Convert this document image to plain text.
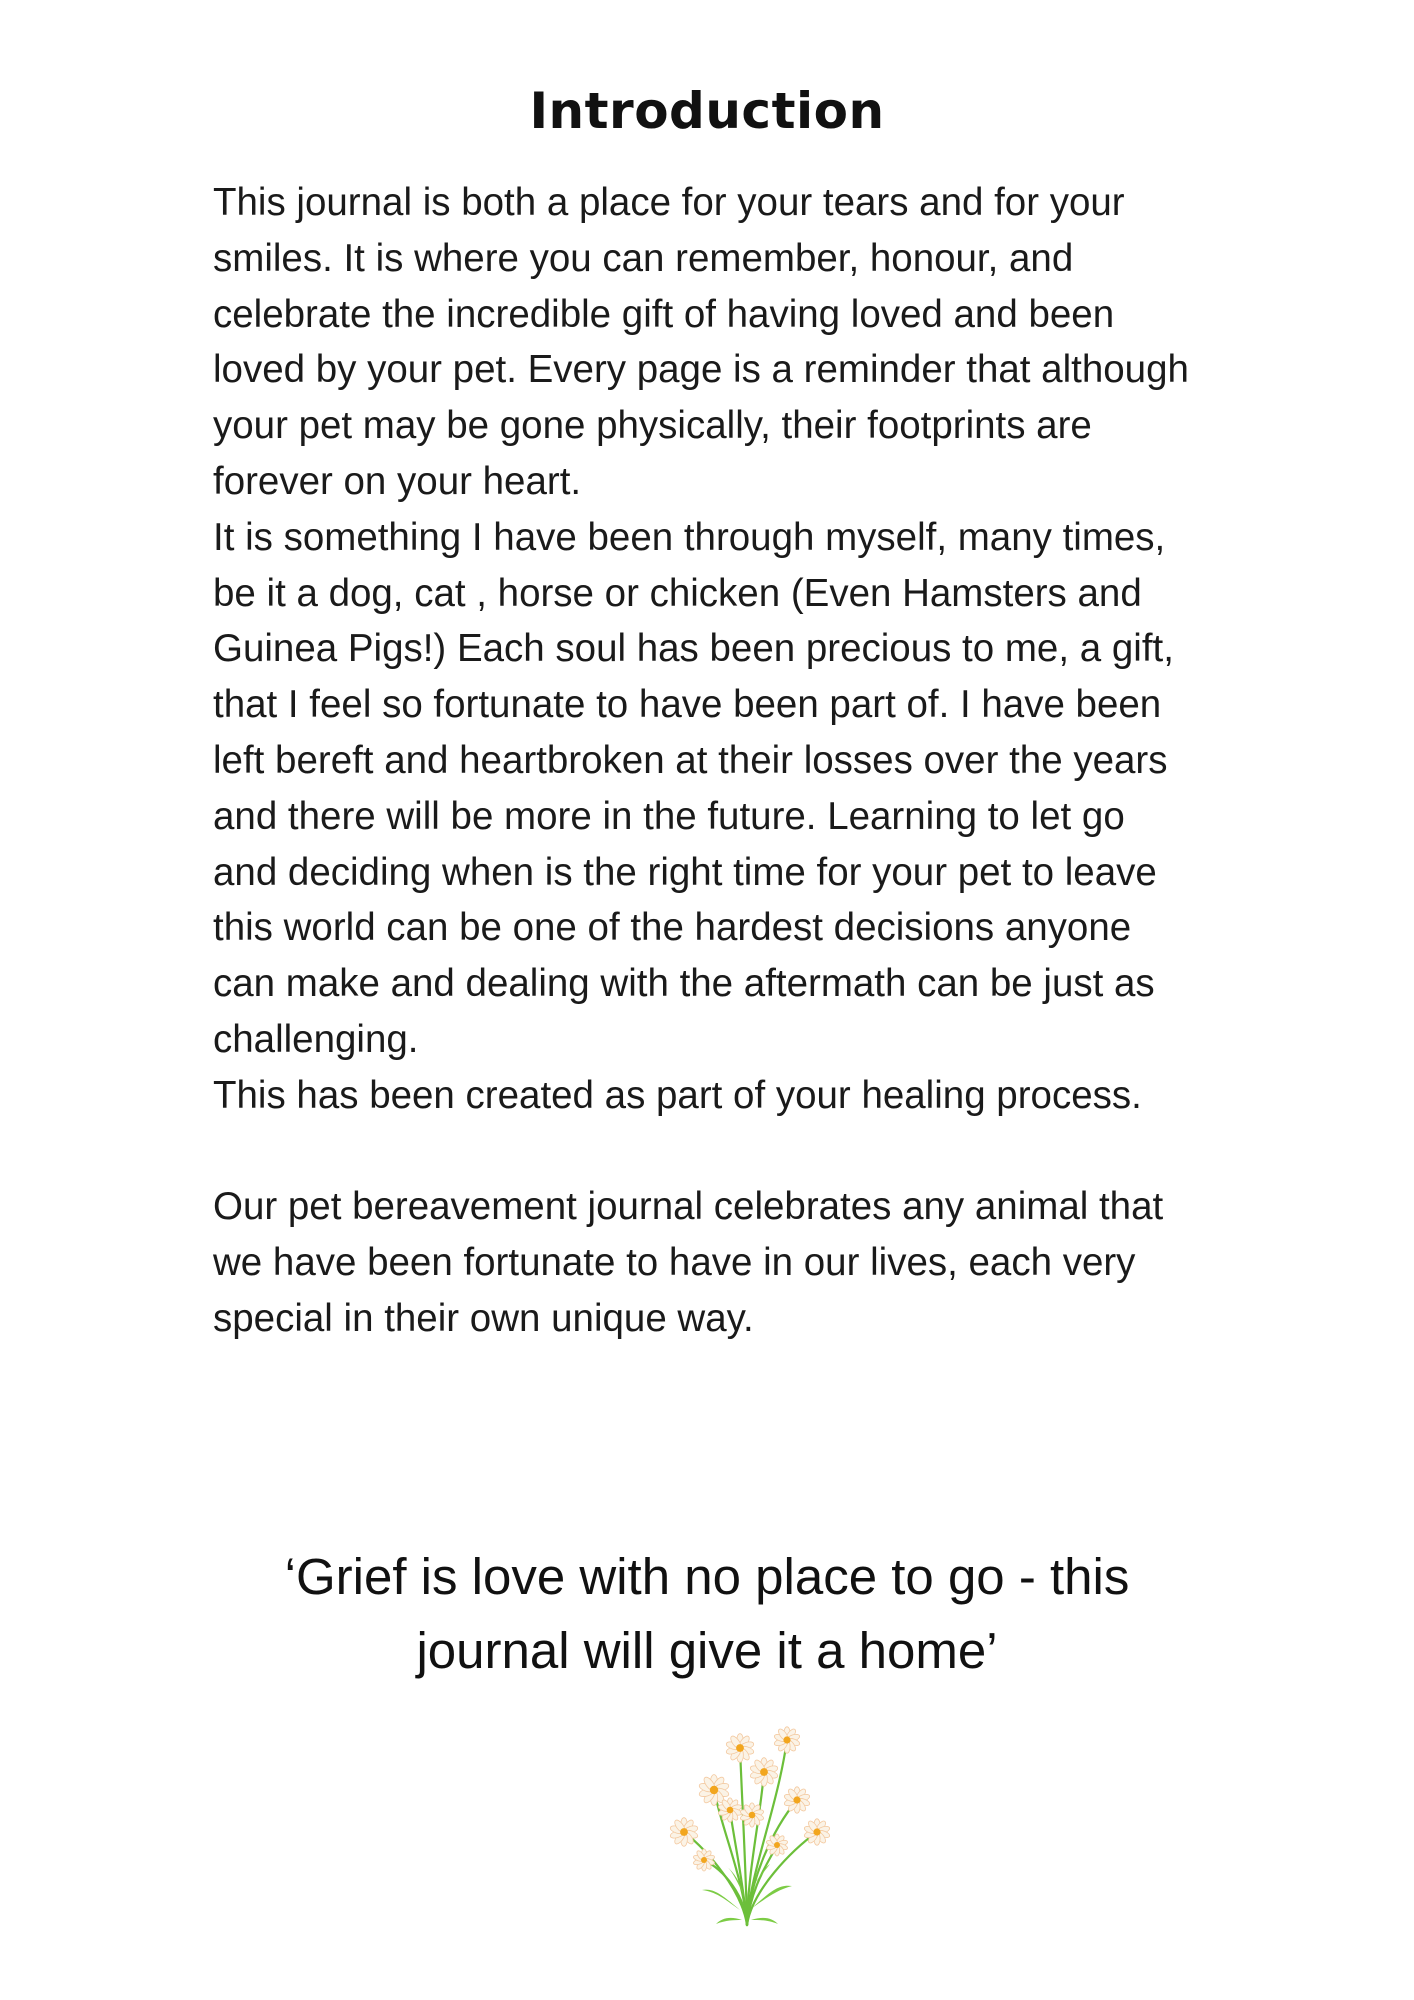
Introduction

This journal is both a place for your tears and for your

smiles. It is where you can remember, honour, and

celebrate the incredible gift of having loved and been

loved by your pet. Every page is a reminder that although

your pet may be gone physically, their footprints are

forever on your heart.

It is something I have been through myself, many times,

be it a dog, cat , horse or chicken (Even Hamsters and

Guinea Pigs!) Each soul has been precious to me, a gift,

that I feel so fortunate to have been part of. I have been

left bereft and heartbroken at their losses over the years

and there will be more in the future. Learning to let go

and deciding when is the right time for your pet to leave

this world can be one of the hardest decisions anyone

can make and dealing with the aftermath can be just as

challenging.

This has been created as part of your healing process.

Our pet bereavement journal celebrates any animal that

we have been fortunate to have in our lives, each very

special in their own unique way.

‘Grief is love with no place to go - this

journal will give it a home’
